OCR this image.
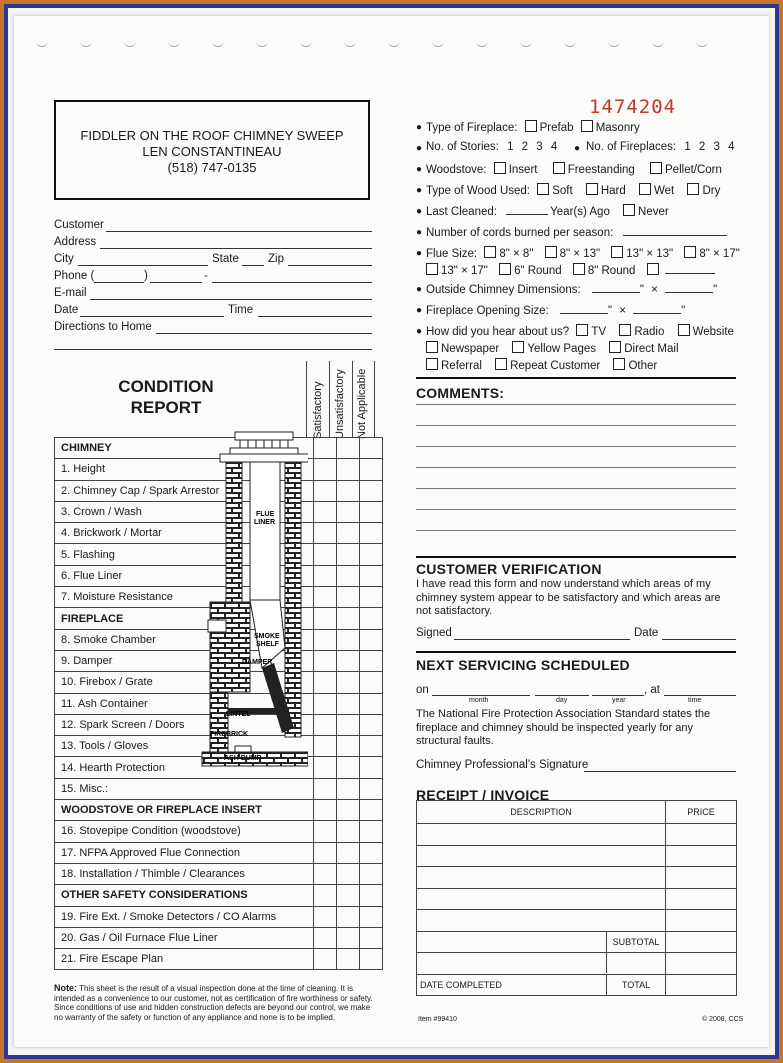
FIDDLER ON THE ROOF CHIMNEY SWEEP
LEN CONSTANTINEAU
(518) 747-0135
1474204
Customer
Address
City	State	Zip
Phone (	)	-
E-mail
Date	Time
Directions to Home
CONDITION
REPORT	Satisfactory Unsatisfactory Not Applicable
CHIMNEY			
1. Height			
2. Chimney Cap / Spark Arrestor			
3. Crown / Wash			
4. Brickwork / Mortar			
5. Flashing			
6. Flue Liner			
7. Moisture Resistance			
FIREPLACE			
8. Smoke Chamber			
9. Damper			
10. Firebox / Grate			
11. Ash Container			
12. Spark Screen / Doors			
13. Tools / Gloves			
14. Hearth Protection			
15. Misc.:			
WOODSTOVE OR FIREPLACE INSERT			
16. Stovepipe Condition (woodstove)			
17. NFPA Approved Flue Connection			
18. Installation / Thimble / Clearances			
OTHER SAFETY CONSIDERATIONS			
19. Fire Ext. / Smoke Detectors / CO Alarms			
20. Gas / Oil Furnace Flue Liner			
21. Fire Escape Plan			
FLUE
LINER
SMOKE
SHELF
DAMPER
LINTEL
FIREBRICK
ASH DUMP
Note: This sheet is the result of a visual inspection done at the time of cleaning. It is intended as a convenience to our customer, not as certification of fire worthiness or safety. Since conditions of use and hidden construction defects are beyond our control, we make no warranty of the safety or function of any appliance and none is to be implied.
● Type of Fireplace: Prefab Masonry
● No. of Stories: 1 2 3 4 ● No. of Fireplaces: 1 2 3 4
● Woodstove: Insert	Freestanding	Pellet/Corn
● Type of Wood Used: Soft Hard Wet Dry
● Last Cleaned:	Year(s) Ago Never
● Number of cords burned per season:
● Flue Size: 8" × 8" 8" × 13" 13" × 13" 8" × 17"
13" × 17" 6" Round 8" Round
● Outside Chimney Dimensions:	" ×	"
● Fireplace Opening Size:	" ×	"
● How did you hear about us? TV Radio Website
Newspaper Yellow Pages Direct Mail
Referral Repeat Customer Other
COMMENTS:
CUSTOMER VERIFICATION
I have read this form and now understand which areas of my chimney system appear to be satisfactory and which areas are not satisfactory.
Signed	Date
NEXT SERVICING SCHEDULED
on	, at
month	day	year	time
The National Fire Protection Association Standard states the fireplace and chimney should be inspected yearly for any structural faults.
Chimney Professional's Signature
RECEIPT / INVOICE
DESCRIPTION	PRICE

SUBTOTAL	

DATE COMPLETED TOTAL	

Item #99410	© 2008, CCS
